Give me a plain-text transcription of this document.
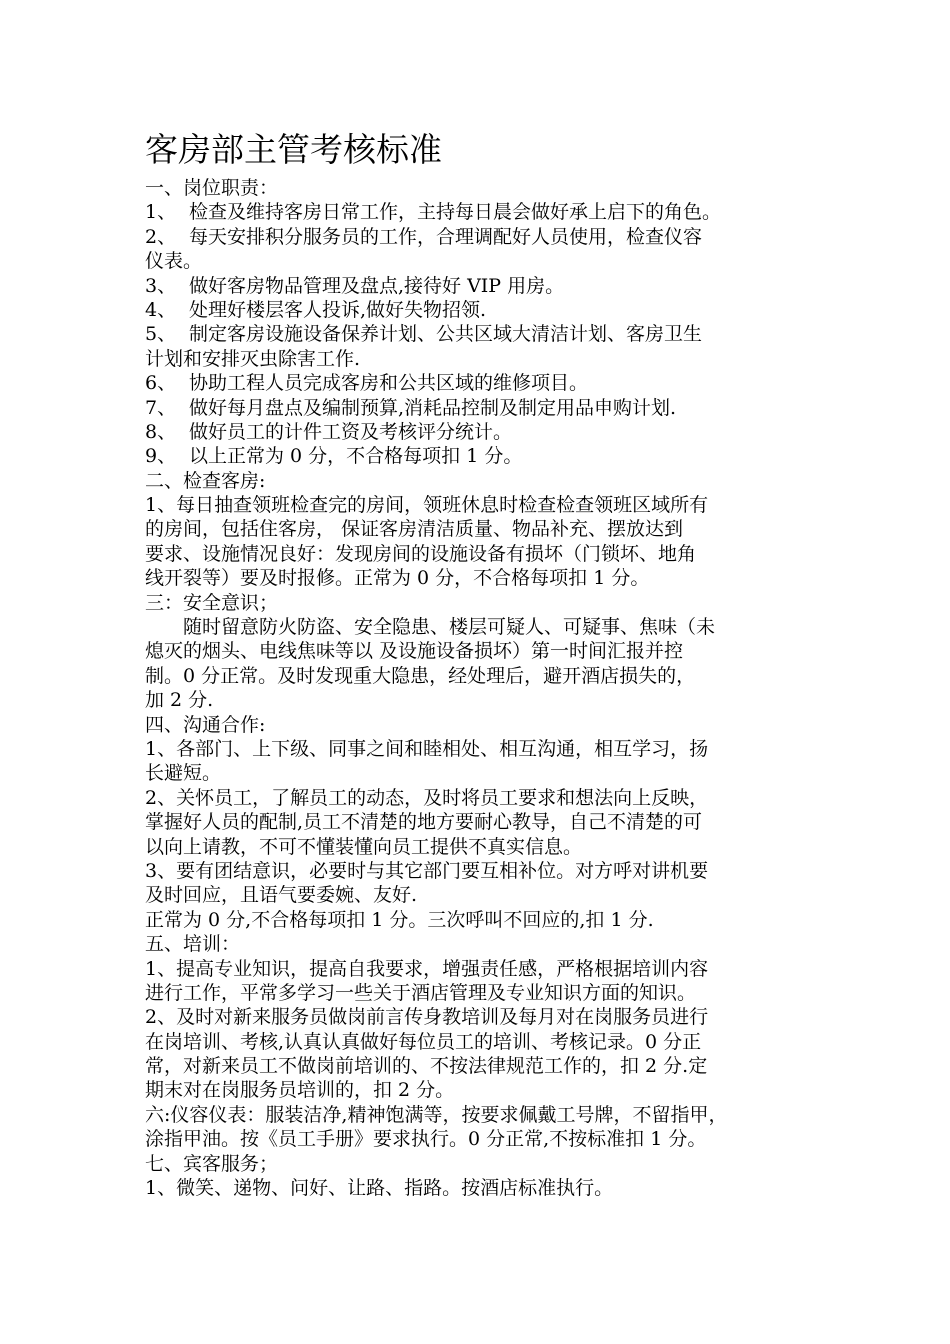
客房部主管考核标准
一、岗位职责：
1、 检查及维持客房日常工作，主持每日晨会做好承上启下的角色。
2、 每天安排积分服务员的工作，合理调配好人员使用，检查仪容
仪表。
3、 做好客房物品管理及盘点,接待好 VIP 用房。
4、 处理好楼层客人投诉,做好失物招领.
5、 制定客房设施设备保养计划、公共区域大清洁计划、客房卫生
计划和安排灭虫除害工作.
6、 协助工程人员完成客房和公共区域的维修项目。
7、 做好每月盘点及编制预算,消耗品控制及制定用品申购计划.
8、 做好员工的计件工资及考核评分统计。
9、 以上正常为 0 分，不合格每项扣 1 分。
二、检查客房:
1、每日抽查领班检查完的房间，领班休息时检查检查领班区域所有
的房间，包括住客房， 保证客房清洁质量、物品补充、摆放达到
要求、设施情况良好：发现房间的设施设备有损坏（门锁坏、地角
线开裂等）要及时报修。正常为 0 分，不合格每项扣 1 分。
三：安全意识；
随时留意防火防盗、安全隐患、楼层可疑人、可疑事、焦味（未
熄灭的烟头、电线焦味等以 及设施设备损坏）第一时间汇报并控
制。0 分正常。及时发现重大隐患，经处理后，避开酒店损失的，
加 2 分.
四、沟通合作:
1、各部门、上下级、同事之间和睦相处、相互沟通，相互学习，扬
长避短。
2、关怀员工，了解员工的动态，及时将员工要求和想法向上反映，
掌握好人员的配制,员工不清楚的地方要耐心教导，自己不清楚的可
以向上请教，不可不懂装懂向员工提供不真实信息。
3、要有团结意识，必要时与其它部门要互相补位。对方呼对讲机要
及时回应，且语气要委婉、友好.
正常为 0 分,不合格每项扣 1 分。三次呼叫不回应的,扣 1 分.
五、培训：
1、提高专业知识，提高自我要求，增强责任感，严格根据培训内容
进行工作，平常多学习一些关于酒店管理及专业知识方面的知识。
2、及时对新来服务员做岗前言传身教培训及每月对在岗服务员进行
在岗培训、考核,认真认真做好每位员工的培训、考核记录。0 分正
常，对新来员工不做岗前培训的、不按法律规范工作的，扣 2 分.定
期末对在岗服务员培训的，扣 2 分。
六:仪容仪表：服装洁净,精神饱满等，按要求佩戴工号牌，不留指甲，
涂指甲油。按《员工手册》要求执行。0 分正常,不按标准扣 1 分。
七、宾客服务；
1、微笑、递物、问好、让路、指路。按酒店标准执行。
